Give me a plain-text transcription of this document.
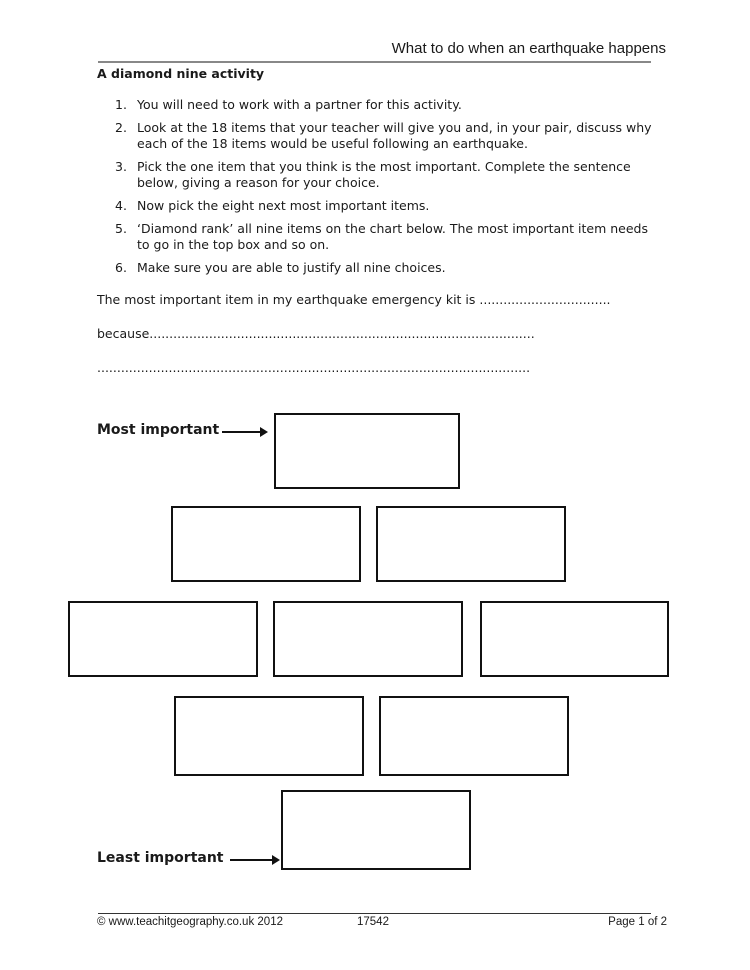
What to do when an earthquake happens
A diamond nine activity
1. You will need to work with a partner for this activity.
2. Look at the 18 items that your teacher will give you and, in your pair, discuss why each of the 18 items would be useful following an earthquake.
3. Pick the one item that you think is the most important. Complete the sentence below, giving a reason for your choice.
4. Now pick the eight next most important items.
5. ‘Diamond rank’ all nine items on the chart below. The most important item needs to go in the top box and so on.
6. Make sure you are able to justify all nine choices.
The most important item in my earthquake emergency kit is .................................
because.................................................................................................
.............................................................................................................
Most important
Least important
© www.teachitgeography.co.uk 2012	17542	Page 1 of 2
